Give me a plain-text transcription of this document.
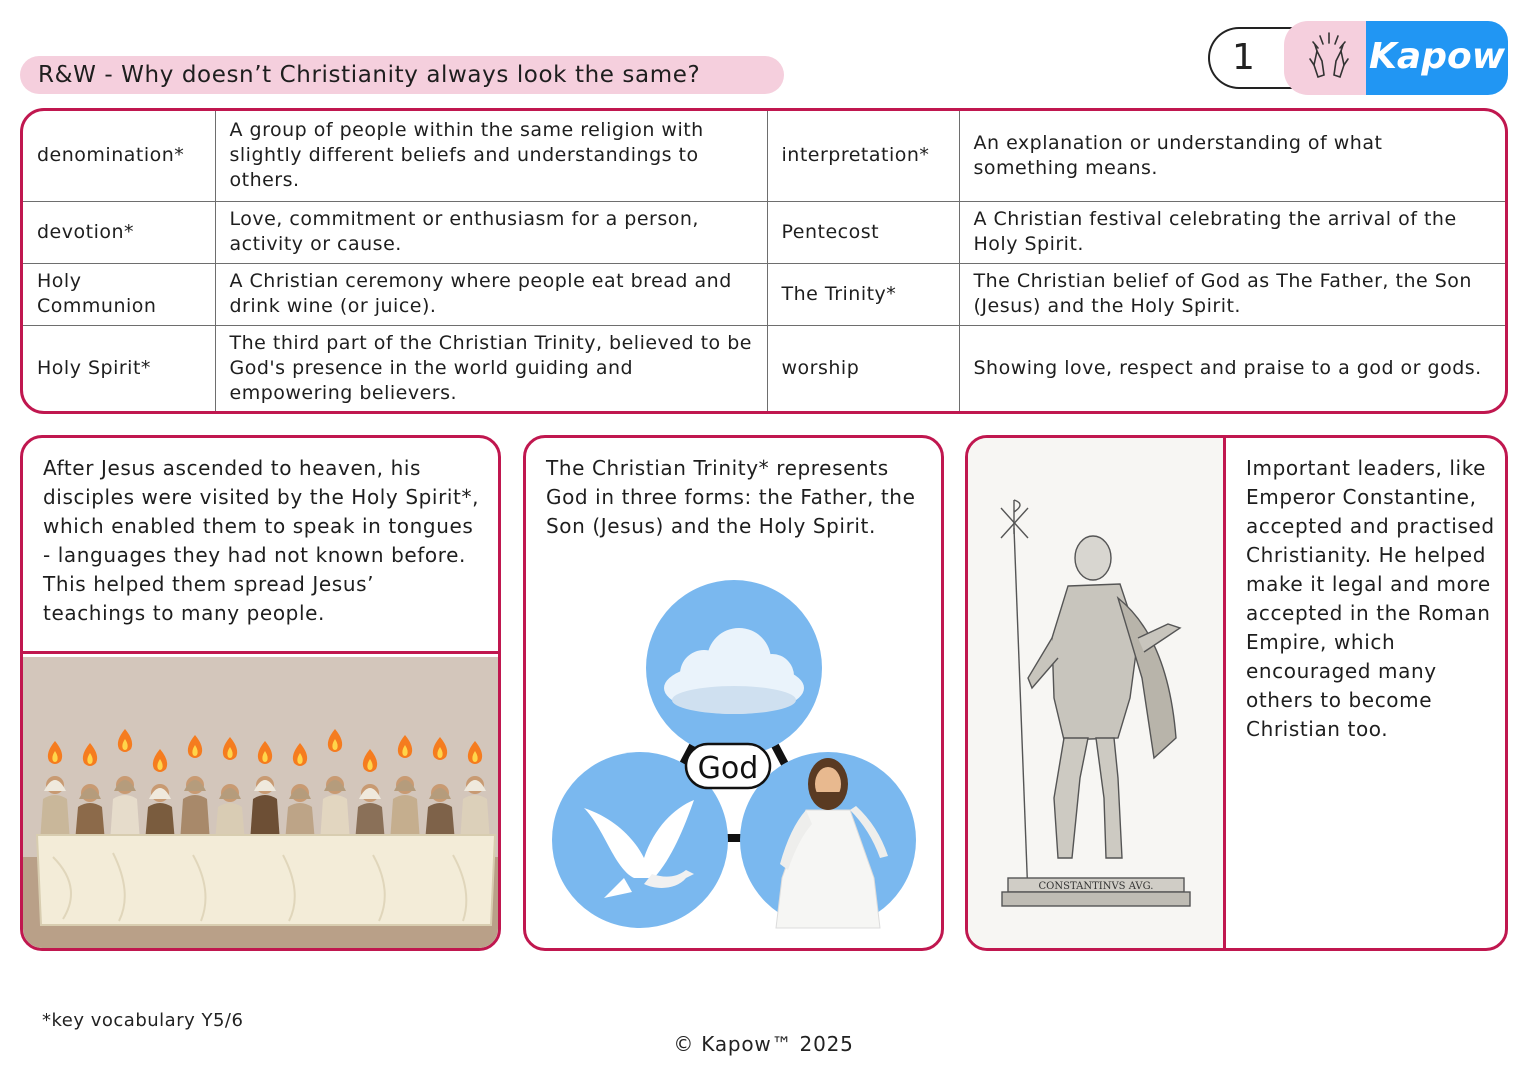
R&W - Why doesn’t Christianity always look the same?	1	Kapow
denomination*	A group of people within the same religion with slightly different beliefs and understandings to others.	interpretation*	An explanation or understanding of what something means.
devotion*	Love, commitment or enthusiasm for a person, activity or cause.	Pentecost	A Christian festival celebrating the arrival of the Holy Spirit.
Holy Communion	A Christian ceremony where people eat bread and drink wine (or juice).	The Trinity*	The Christian belief of God as The Father, the Son (Jesus) and the Holy Spirit.
Holy Spirit*	The third part of the Christian Trinity, believed to be God's presence in the world guiding and empowering believers.	worship	Showing love, respect and praise to a god or gods.
After Jesus ascended to heaven, his disciples were visited by the Holy Spirit*, which enabled them to speak in tongues - languages they had not known before. This helped them spread Jesus’ teachings to many people.
The Christian Trinity* represents God in three forms: the Father, the Son (Jesus) and the Holy Spirit.
God
CONSTANTINVS AVG.
Important leaders, like Emperor Constantine, accepted and practised Christianity. He helped make it legal and more accepted in the Roman Empire, which encouraged many others to become Christian too.
*key vocabulary Y5/6
© Kapow™ 2025
